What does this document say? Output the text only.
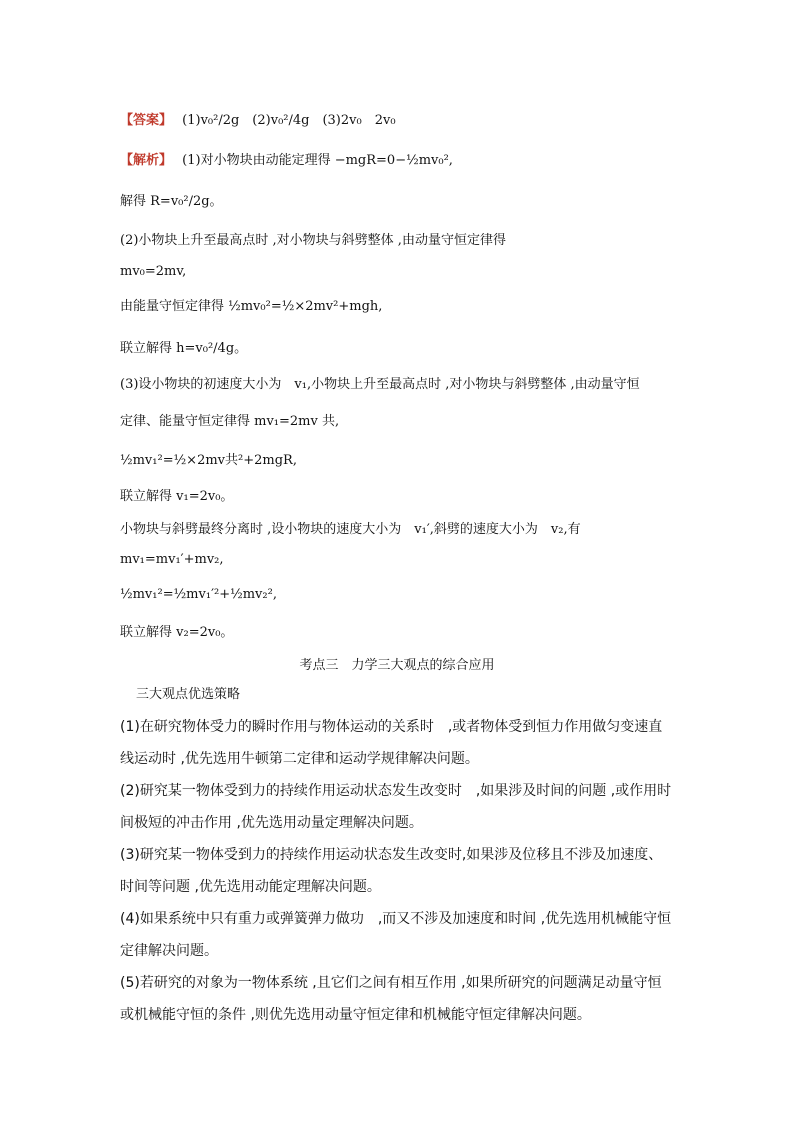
【答案】 (1)v₀²/2g　(2)v₀²/4g　(3)2v₀　2v₀
【解析】 (1)对小物块由动能定理得 −mgR=0−½mv₀²,
解得 R=v₀²/2g。
(2)小物块上升至最高点时 ,对小物块与斜劈整体 ,由动量守恒定律得
mv₀=2mv,
由能量守恒定律得 ½mv₀²=½×2mv²+mgh,
联立解得 h=v₀²/4g。
(3)设小物块的初速度大小为　v₁,小物块上升至最高点时 ,对小物块与斜劈整体 ,由动量守恒
定律、能量守恒定律得 mv₁=2mv 共,
½mv₁²=½×2mv共²+2mgR,
联立解得 v₁=2v₀。
小物块与斜劈最终分离时 ,设小物块的速度大小为　v₁′,斜劈的速度大小为　v₂,有
mv₁=mv₁′+mv₂,
½mv₁²=½mv₁′²+½mv₂²,
联立解得 v₂=2v₀。
考点三　力学三大观点的综合应用
三大观点优选策略
(1)在研究物体受力的瞬时作用与物体运动的关系时　,或者物体受到恒力作用做匀变速直
线运动时 ,优先选用牛顿第二定律和运动学规律解决问题。
(2)研究某一物体受到力的持续作用运动状态发生改变时　,如果涉及时间的问题 ,或作用时
间极短的冲击作用 ,优先选用动量定理解决问题。
(3)研究某一物体受到力的持续作用运动状态发生改变时,如果涉及位移且不涉及加速度、
时间等问题 ,优先选用动能定理解决问题。
(4)如果系统中只有重力或弹簧弹力做功　,而又不涉及加速度和时间 ,优先选用机械能守恒
定律解决问题。
(5)若研究的对象为一物体系统 ,且它们之间有相互作用 ,如果所研究的问题满足动量守恒
或机械能守恒的条件 ,则优先选用动量守恒定律和机械能守恒定律解决问题。
